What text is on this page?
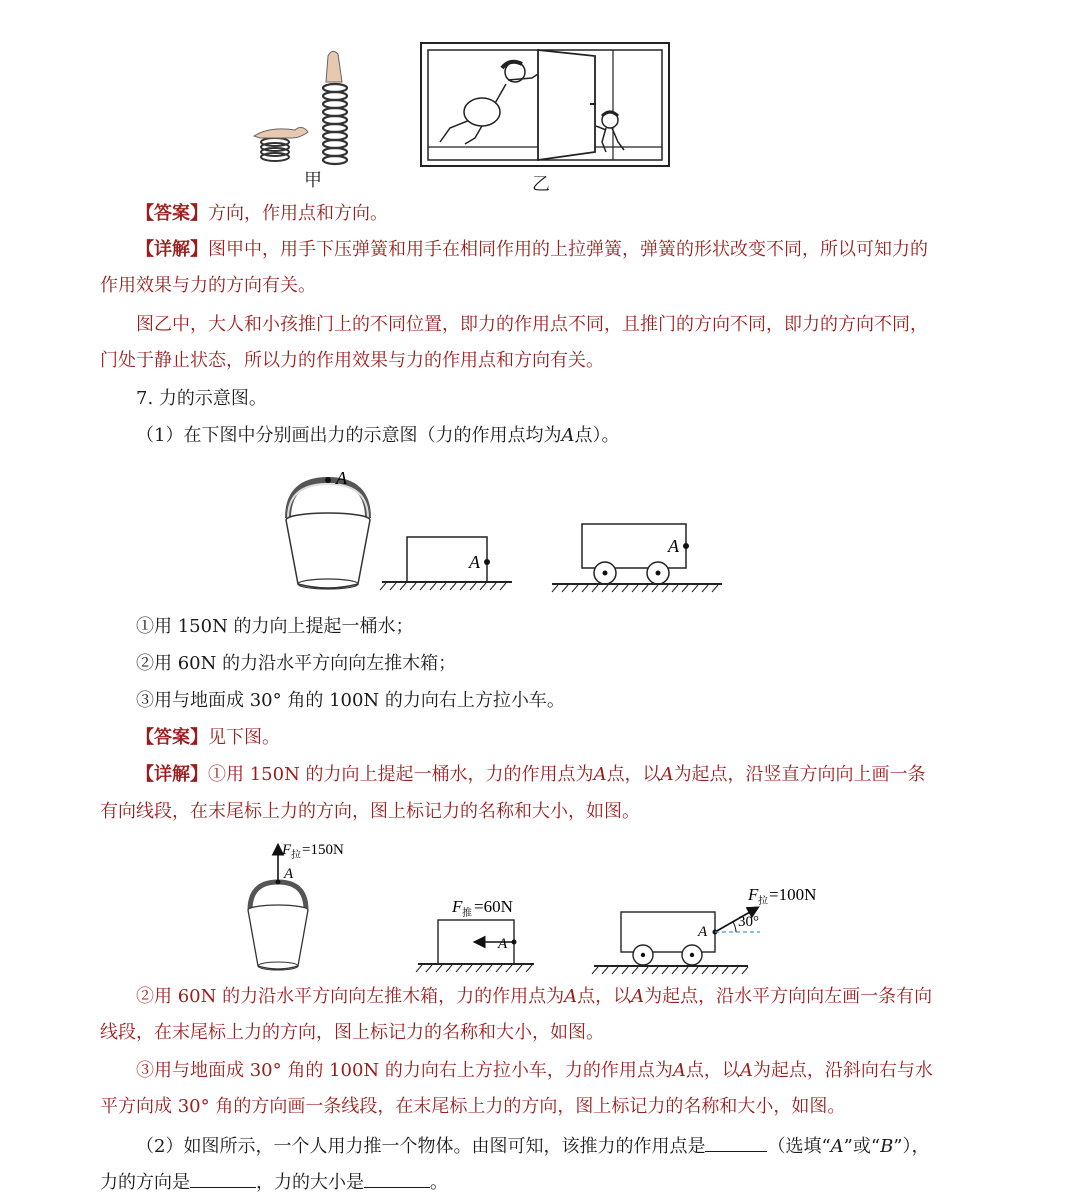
甲	乙
【答案】方向，作用点和方向。
【详解】图甲中，用手下压弹簧和用手在相同作用的上拉弹簧，弹簧的形状改变不同，所以可知力的
作用效果与力的方向有关。
图乙中，大人和小孩推门上的不同位置，即力的作用点不同，且推门的方向不同，即力的方向不同，
门处于静止状态，所以力的作用效果与力的作用点和方向有关。
7. 力的示意图。
（1）在下图中分别画出力的示意图（力的作用点均为A点）。
A
A
A
①用 150N 的力向上提起一桶水；
②用 60N 的力沿水平方向向左推木箱；
③用与地面成 30° 角的 100N 的力向右上方拉小车。
【答案】见下图。
【详解】①用 150N 的力向上提起一桶水，力的作用点为A点，以A为起点，沿竖直方向向上画一条
有向线段，在末尾标上力的方向，图上标记力的名称和大小，如图。
A
F 拉 =150N
A
F 推 =60N
A
30°
F 拉 =100N
②用 60N 的力沿水平方向向左推木箱，力的作用点为A点，以A为起点，沿水平方向向左画一条有向
线段，在末尾标上力的方向，图上标记力的名称和大小，如图。
③用与地面成 30° 角的 100N 的力向右上方拉小车，力的作用点为A点，以A为起点，沿斜向右与水
平方向成 30° 角的方向画一条线段，在末尾标上力的方向，图上标记力的名称和大小，如图。
（2）如图所示，一个人用力推一个物体。由图可知，该推力的作用点是	（选填“A”或“B”），
力的方向是	，力的大小是	。
